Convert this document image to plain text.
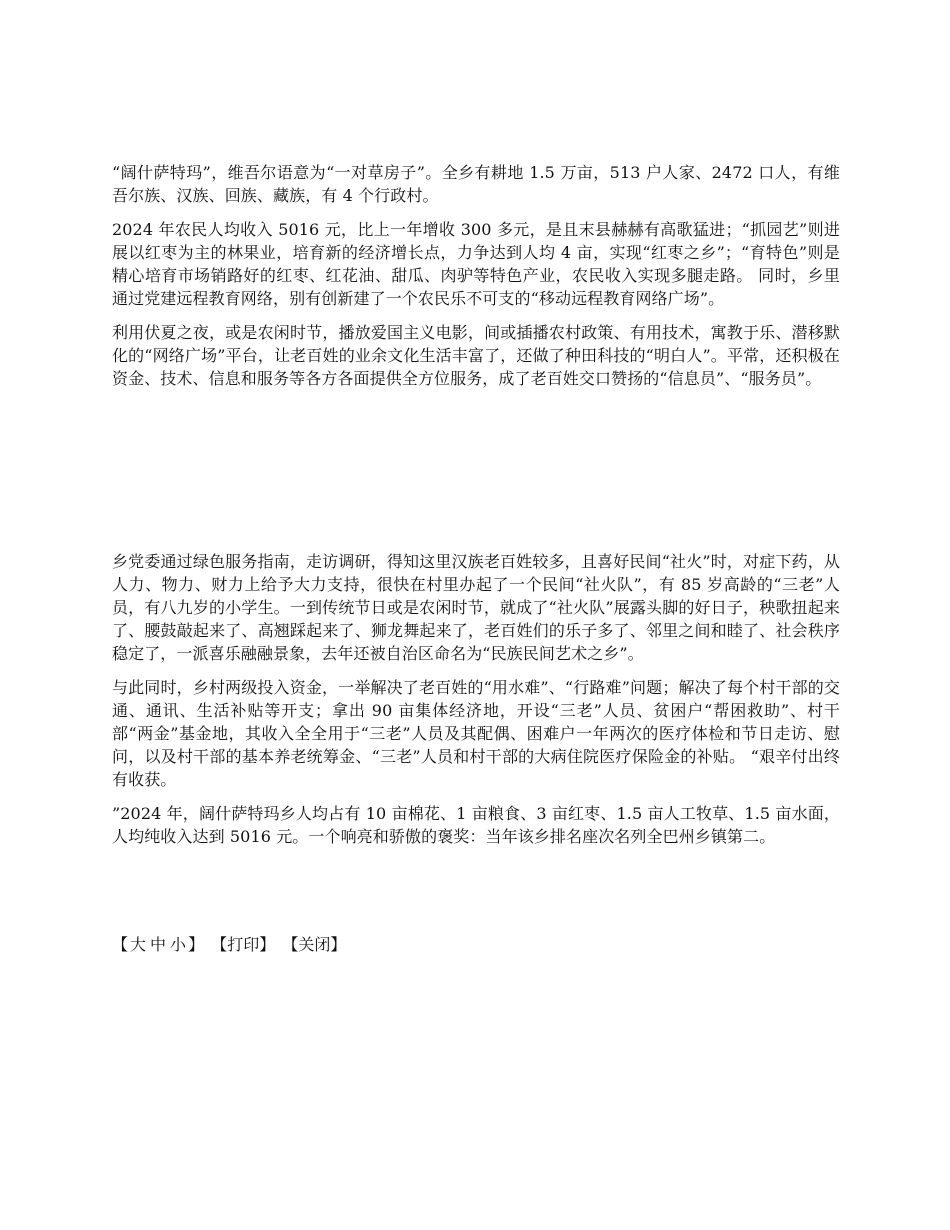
“阔什萨特玛”，维吾尔语意为“一对草房子”。全乡有耕地 1.5 万亩，513 户人家、2472 口人，有维吾尔族、汉族、回族、藏族，有 4 个行政村。

2024 年农民人均收入 5016 元，比上一年增收 300 多元，是且末县赫赫有高歌猛进；“抓园艺”则进展以红枣为主的林果业，培育新的经济增长点，力争达到人均 4 亩，实现“红枣之乡”；“育特色”则是精心培育市场销路好的红枣、红花油、甜瓜、肉驴等特色产业，农民收入实现多腿走路。 同时，乡里通过党建远程教育网络，别有创新建了一个农民乐不可支的“移动远程教育网络广场”。

利用伏夏之夜，或是农闲时节，播放爱国主义电影，间或插播农村政策、有用技术，寓教于乐、潜移默化的“网络广场”平台，让老百姓的业余文化生活丰富了，还做了种田科技的“明白人”。平常，还积极在资金、技术、信息和服务等各方各面提供全方位服务，成了老百姓交口赞扬的“信息员”、“服务员”。

乡党委通过绿色服务指南，走访调研，得知这里汉族老百姓较多，且喜好民间“社火”时，对症下药，从人力、物力、财力上给予大力支持，很快在村里办起了一个民间“社火队”，有 85 岁高龄的“三老”人员，有八九岁的小学生。一到传统节日或是农闲时节，就成了“社火队”展露头脚的好日子，秧歌扭起来了、腰鼓敲起来了、高翘踩起来了、狮龙舞起来了，老百姓们的乐子多了、邻里之间和睦了、社会秩序稳定了，一派喜乐融融景象，去年还被自治区命名为“民族民间艺术之乡”。

与此同时，乡村两级投入资金，一举解决了老百姓的“用水难”、“行路难”问题；解决了每个村干部的交通、通讯、生活补贴等开支；拿出 90 亩集体经济地，开设“三老”人员、贫困户“帮困救助”、村干部“两金”基金地，其收入全全用于“三老”人员及其配偶、困难户一年两次的医疗体检和节日走访、慰问，以及村干部的基本养老统筹金、“三老”人员和村干部的大病住院医疗保险金的补贴。 “艰辛付出终有收获。

”2024 年，阔什萨特玛乡人均占有 10 亩棉花、1 亩粮食、3 亩红枣、1.5 亩人工牧草、1.5 亩水面，人均纯收入达到 5016 元。一个响亮和骄傲的褒奖：当年该乡排名座次名列全巴州乡镇第二。

【 大 中 小 】 【打印】 【关闭】
